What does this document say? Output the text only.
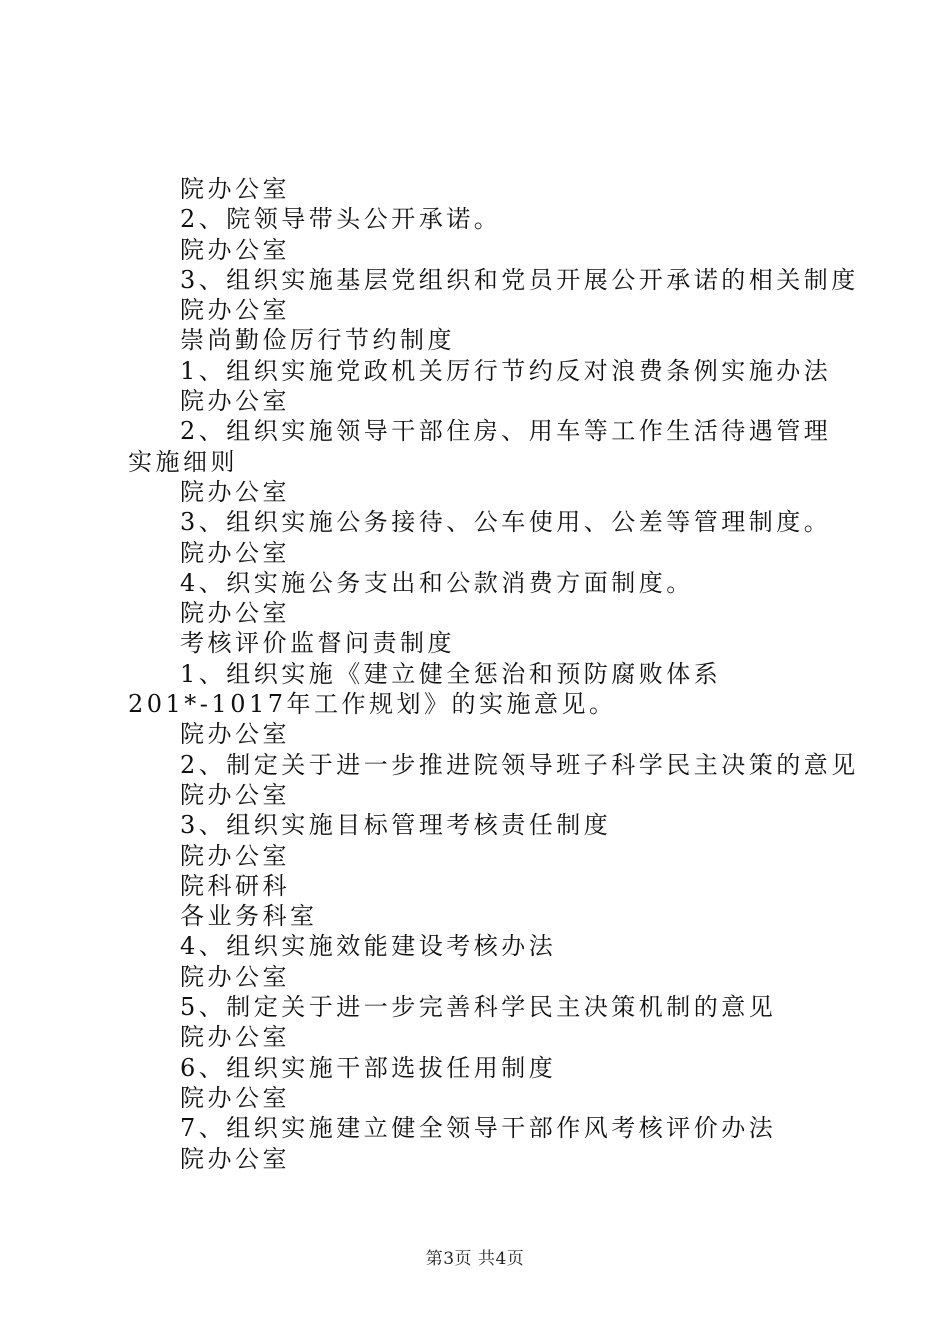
院办公室
2、院领导带头公开承诺。
院办公室
3、组织实施基层党组织和党员开展公开承诺的相关制度
院办公室
崇尚勤俭厉行节约制度
1、组织实施党政机关厉行节约反对浪费条例实施办法
院办公室
2、组织实施领导干部住房、用车等工作生活待遇管理实施细则
院办公室
3、组织实施公务接待、公车使用、公差等管理制度。
院办公室
4、织实施公务支出和公款消费方面制度。
院办公室
考核评价监督问责制度
1、组织实施《建立健全惩治和预防腐败体系201*-1017年工作规划》的实施意见。
院办公室
2、制定关于进一步推进院领导班子科学民主决策的意见
院办公室
3、组织实施目标管理考核责任制度
院办公室
院科研科
各业务科室
4、组织实施效能建设考核办法
院办公室
5、制定关于进一步完善科学民主决策机制的意见
院办公室
6、组织实施干部选拔任用制度
院办公室
7、组织实施建立健全领导干部作风考核评价办法
院办公室
第3页 共4页
